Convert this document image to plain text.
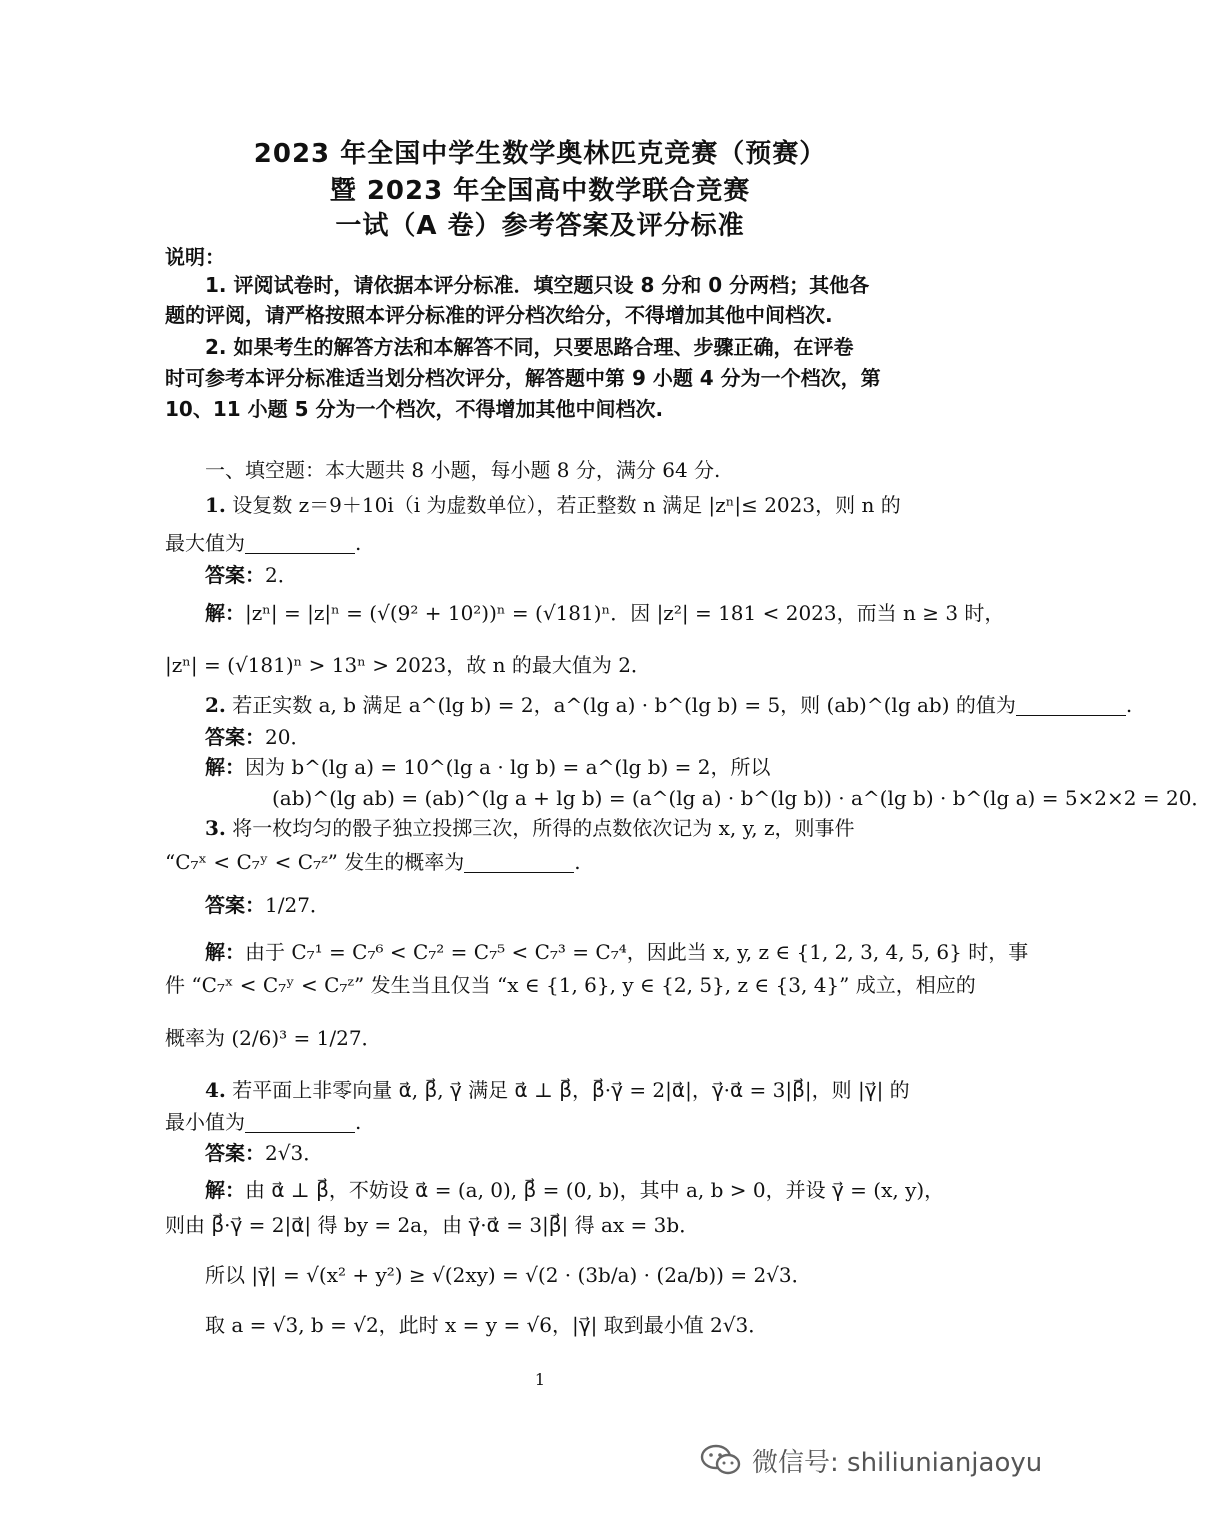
2023 年全国中学生数学奥林匹克竞赛（预赛）
暨 2023 年全国高中数学联合竞赛
一试（A 卷）参考答案及评分标准
说明：
1. 评阅试卷时，请依据本评分标准．填空题只设 8 分和 0 分两档；其他各
题的评阅，请严格按照本评分标准的评分档次给分，不得增加其他中间档次.
2. 如果考生的解答方法和本解答不同，只要思路合理、步骤正确，在评卷
时可参考本评分标准适当划分档次评分，解答题中第 9 小题 4 分为一个档次，第
10、11 小题 5 分为一个档次，不得增加其他中间档次.
一、填空题：本大题共 8 小题，每小题 8 分，满分 64 分.
1. 设复数 z＝9＋10i（i 为虚数单位），若正整数 n 满足 |zⁿ|≤ 2023，则 n 的
最大值为	.
答案：2．
解：|zⁿ| = |z|ⁿ = (√(9² + 10²))ⁿ = (√181)ⁿ．因 |z²| = 181 < 2023，而当 n ≥ 3 时，
|zⁿ| = (√181)ⁿ > 13ⁿ > 2023，故 n 的最大值为 2．
2. 若正实数 a, b 满足 a^(lg b) = 2，a^(lg a) · b^(lg b) = 5，则 (ab)^(lg ab) 的值为	.
答案：20．
解：因为 b^(lg a) = 10^(lg a · lg b) = a^(lg b) = 2，所以
(ab)^(lg ab) = (ab)^(lg a + lg b) = (a^(lg a) · b^(lg b)) · a^(lg b) · b^(lg a) = 5×2×2 = 20．
3. 将一枚均匀的骰子独立投掷三次，所得的点数依次记为 x, y, z，则事件
“C₇ˣ < C₇ʸ < C₇ᶻ” 发生的概率为	.
答案：1/27．
解：由于 C₇¹ = C₇⁶ < C₇² = C₇⁵ < C₇³ = C₇⁴，因此当 x, y, z ∈ {1, 2, 3, 4, 5, 6} 时，事
件 “C₇ˣ < C₇ʸ < C₇ᶻ” 发生当且仅当 “x ∈ {1, 6}, y ∈ {2, 5}, z ∈ {3, 4}” 成立，相应的
概率为 (2/6)³ = 1/27．
4. 若平面上非零向量 α⃗, β⃗, γ⃗ 满足 α⃗ ⊥ β⃗，β⃗·γ⃗ = 2|α⃗|，γ⃗·α⃗ = 3|β⃗|，则 |γ⃗| 的
最小值为	.
答案：2√3．
解：由 α⃗ ⊥ β⃗，不妨设 α⃗ = (a, 0), β⃗ = (0, b)，其中 a, b > 0，并设 γ⃗ = (x, y)，
则由 β⃗·γ⃗ = 2|α⃗| 得 by = 2a，由 γ⃗·α⃗ = 3|β⃗| 得 ax = 3b．
所以 |γ⃗| = √(x² + y²) ≥ √(2xy) = √(2 · (3b/a) · (2a/b)) = 2√3．
取 a = √3, b = √2，此时 x = y = √6，|γ⃗| 取到最小值 2√3．
1
微信号: shiliunianjaoyu
